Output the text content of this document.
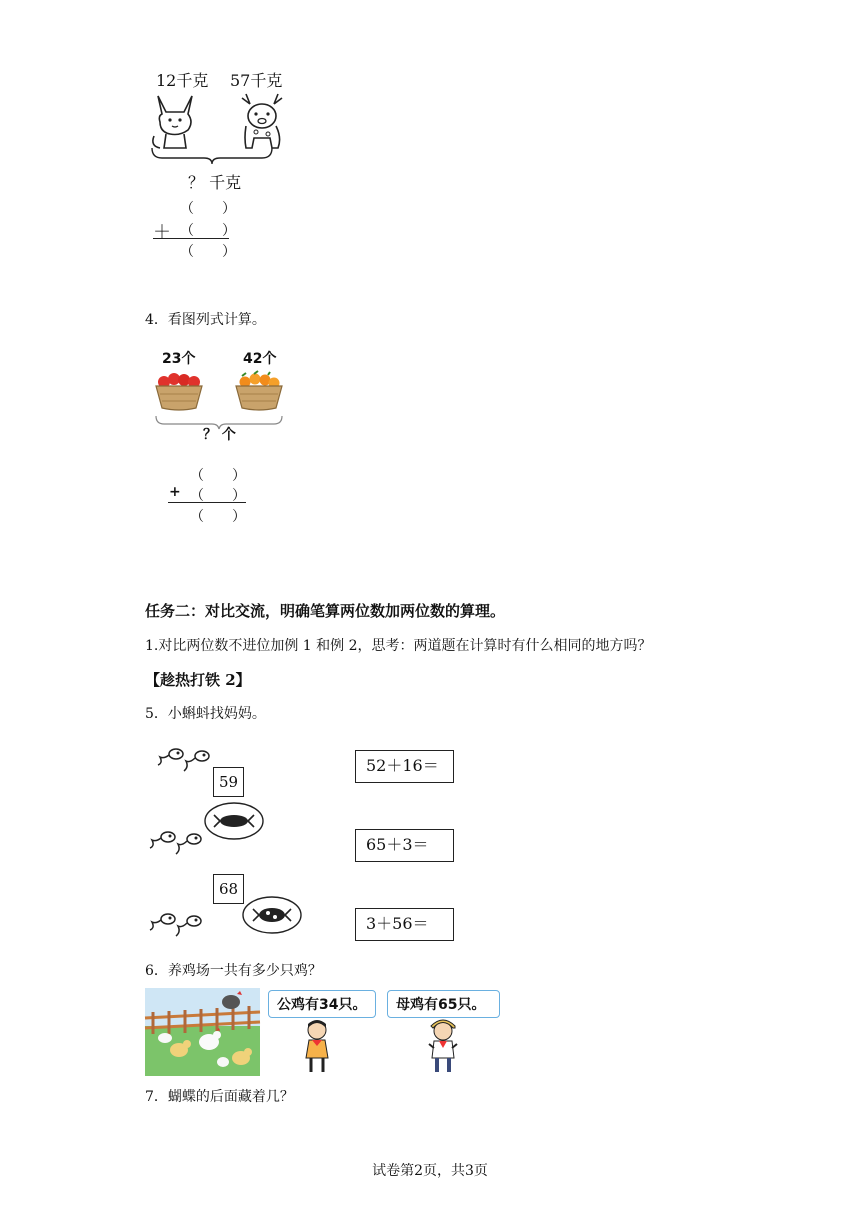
12千克 57千克
？ 千克
（　　）
＋ （　　）
（　　）
4．看图列式计算。
23个	42个
？ 个
（　　）
+ （　　）
（　　）
任务二：对比交流，明确笔算两位数加两位数的算理。
1.对比两位数不进位加例 1 和例 2，思考：两道题在计算时有什么相同的地方吗？
【趁热打铁 2】
5．小蝌蚪找妈妈。
59
68
52＋16＝
65＋3＝
3＋56＝
6．养鸡场一共有多少只鸡？
公鸡有34只。 母鸡有65只。
7．蝴蝶的后面藏着几？
试卷第2页，共3页
